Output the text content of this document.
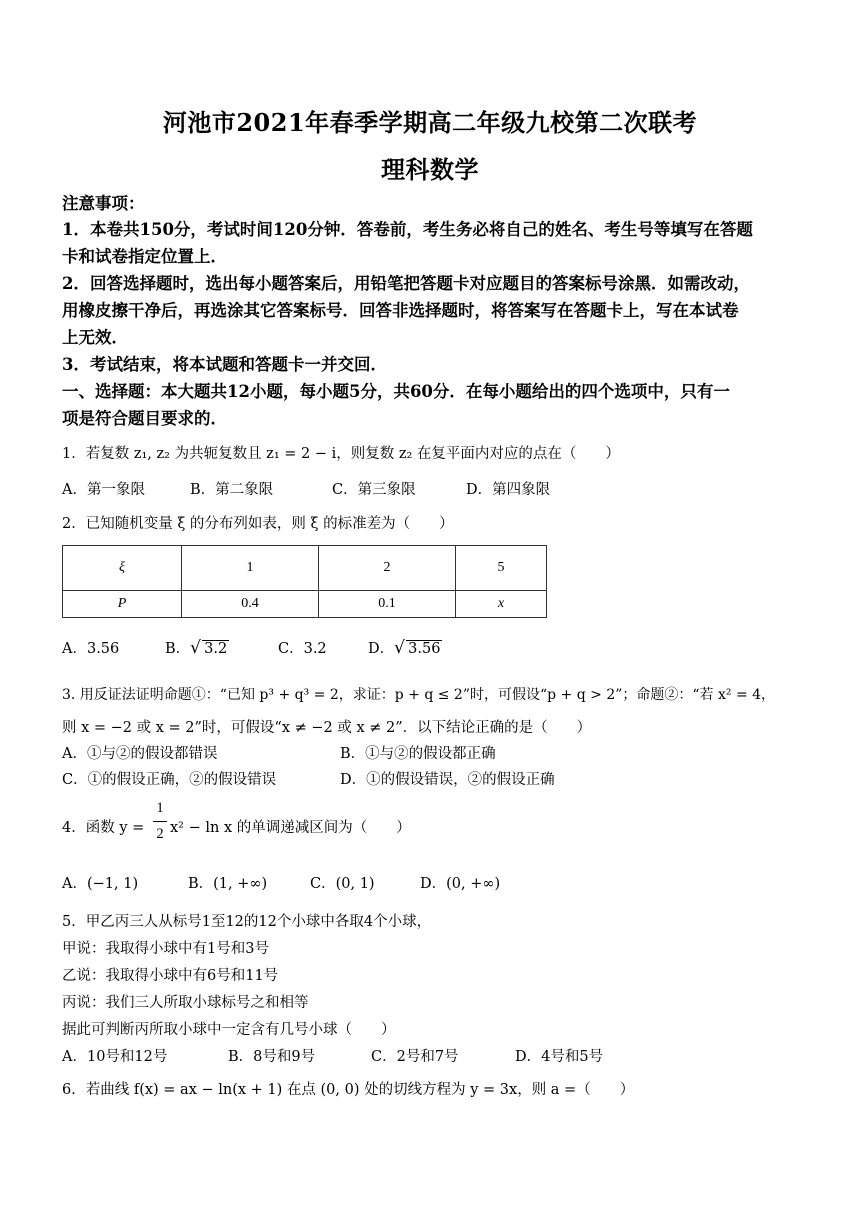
河池市2021年春季学期高二年级九校第二次联考
理科数学
注意事项：
1．本卷共150分，考试时间120分钟．答卷前，考生务必将自己的姓名、考生号等填写在答题
卡和试卷指定位置上．
2．回答选择题时，选出每小题答案后，用铅笔把答题卡对应题目的答案标号涂黑．如需改动，
用橡皮擦干净后，再选涂其它答案标号．回答非选择题时，将答案写在答题卡上，写在本试卷
上无效．
3．考试结束，将本试题和答题卡一并交回．
一、选择题：本大题共12小题，每小题5分，共60分．在每小题给出的四个选项中，只有一
项是符合题目要求的．
1．若复数 z₁, z₂ 为共轭复数且 z₁ = 2 − i，则复数 z₂ 在复平面内对应的点在（　　）
A．第一象限	B．第二象限	C．第三象限	D．第四象限
2．已知随机变量 ξ 的分布列如表，则 ξ 的标准差为（　　）
ξ	1	2	5
P	0.4	0.1	x
A．3.56	B． √ 3.2	C．3.2	D． √ 3.56
3. 用反证法证明命题①：“已知 p³ + q³ = 2，求证：p + q ≤ 2”时，可假设“p + q > 2”；命题②：“若 x² = 4，
则 x = −2 或 x = 2”时，可假设“x ≠ −2 或 x ≠ 2”．以下结论正确的是（　　）
A．①与②的假设都错误	B．①与②的假设都正确
C．①的假设正确，②的假设错误	D．①的假设错误，②的假设正确
4．函数 y =
1
2 x² − ln x 的单调递减区间为（　　）
A．(−1, 1)	B．(1, +∞)	C．(0, 1)	D．(0, +∞)
5．甲乙丙三人从标号1至12的12个小球中各取4个小球，
甲说：我取得小球中有1号和3号
乙说：我取得小球中有6号和11号
丙说：我们三人所取小球标号之和相等
据此可判断丙所取小球中一定含有几号小球（　　）
A．10号和12号	B．8号和9号	C．2号和7号	D．4号和5号
6．若曲线 f(x) = ax − ln(x + 1) 在点 (0, 0) 处的切线方程为 y = 3x，则 a =（　　）
